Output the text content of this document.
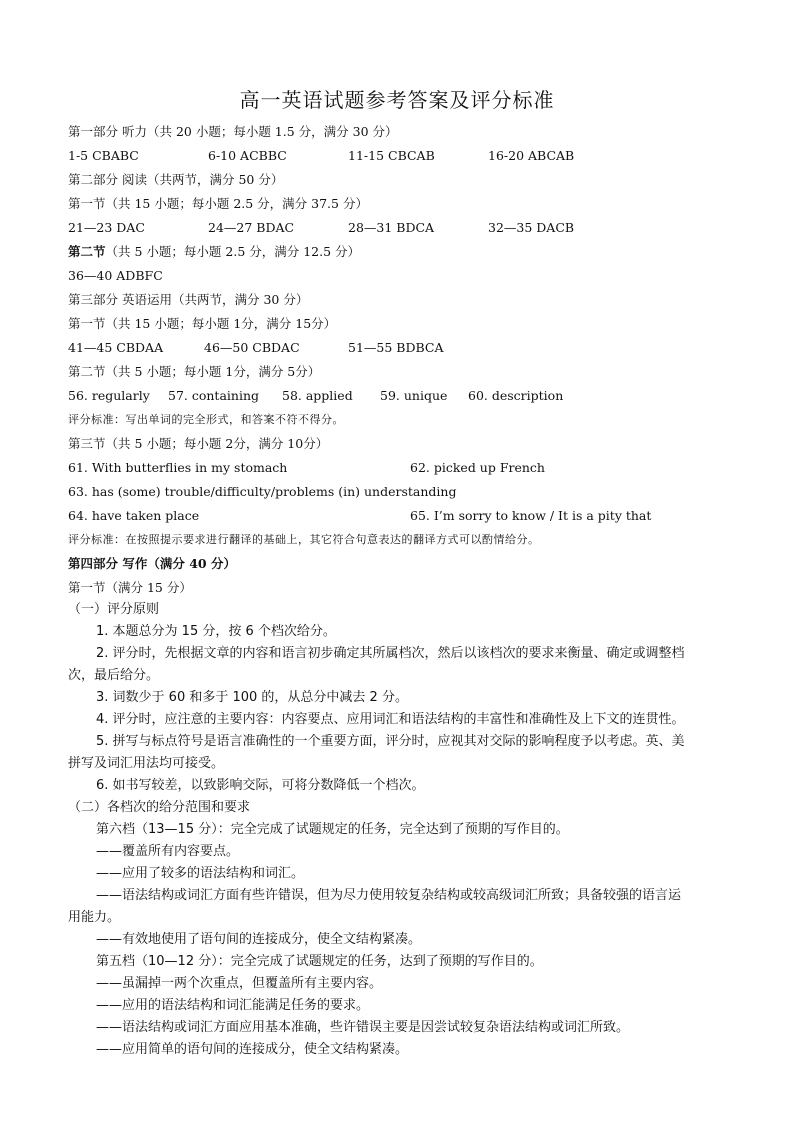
高一英语试题参考答案及评分标准
第一部分 听力（共 20 小题；每小题 1.5 分，满分 30 分）
1-5 CBABC	6-10 ACBBC	11-15 CBCAB	16-20 ABCAB
第二部分 阅读（共两节，满分 50 分）
第一节（共 15 小题；每小题 2.5 分，满分 37.5 分）
21—23 DAC	24—27 BDAC	28—31 BDCA	32—35 DACB
第二节（共 5 小题；每小题 2.5 分，满分 12.5 分）
36—40 ADBFC
第三部分 英语运用（共两节，满分 30 分）
第一节（共 15 小题；每小题 1分，满分 15分）
41—45 CBDAA	46—50 CBDAC	51—55 BDBCA
第二节（共 5 小题；每小题 1分，满分 5分）
56. regularly 57. containing 58. applied 59. unique 60. description
评分标准：写出单词的完全形式，和答案不符不得分。
第三节（共 5 小题；每小题 2分，满分 10分）
61. With butterflies in my stomach	62. picked up French
63. has (some) trouble/difficulty/problems (in) understanding
64. have taken place	65. I’m sorry to know / It is a pity that
评分标准：在按照提示要求进行翻译的基础上，其它符合句意表达的翻译方式可以酌情给分。
第四部分 写作（满分 40 分）
第一节（满分 15 分）
（一）评分原则
1. 本题总分为 15 分，按 6 个档次给分。
2. 评分时，先根据文章的内容和语言初步确定其所属档次，然后以该档次的要求来衡量、确定或调整档
次，最后给分。
3. 词数少于 60 和多于 100 的，从总分中减去 2 分。
4. 评分时，应注意的主要内容：内容要点、应用词汇和语法结构的丰富性和准确性及上下文的连贯性。
5. 拼写与标点符号是语言准确性的一个重要方面，评分时，应视其对交际的影响程度予以考虑。英、美
拼写及词汇用法均可接受。
6. 如书写较差，以致影响交际，可将分数降低一个档次。
（二）各档次的给分范围和要求
第六档（13—15 分）：完全完成了试题规定的任务，完全达到了预期的写作目的。
——覆盖所有内容要点。
——应用了较多的语法结构和词汇。
——语法结构或词汇方面有些许错误，但为尽力使用较复杂结构或较高级词汇所致；具备较强的语言运
用能力。
——有效地使用了语句间的连接成分，使全文结构紧凑。
第五档（10—12 分）：完全完成了试题规定的任务，达到了预期的写作目的。
——虽漏掉一两个次重点，但覆盖所有主要内容。
——应用的语法结构和词汇能满足任务的要求。
——语法结构或词汇方面应用基本准确，些许错误主要是因尝试较复杂语法结构或词汇所致。
——应用简单的语句间的连接成分，使全文结构紧凑。
